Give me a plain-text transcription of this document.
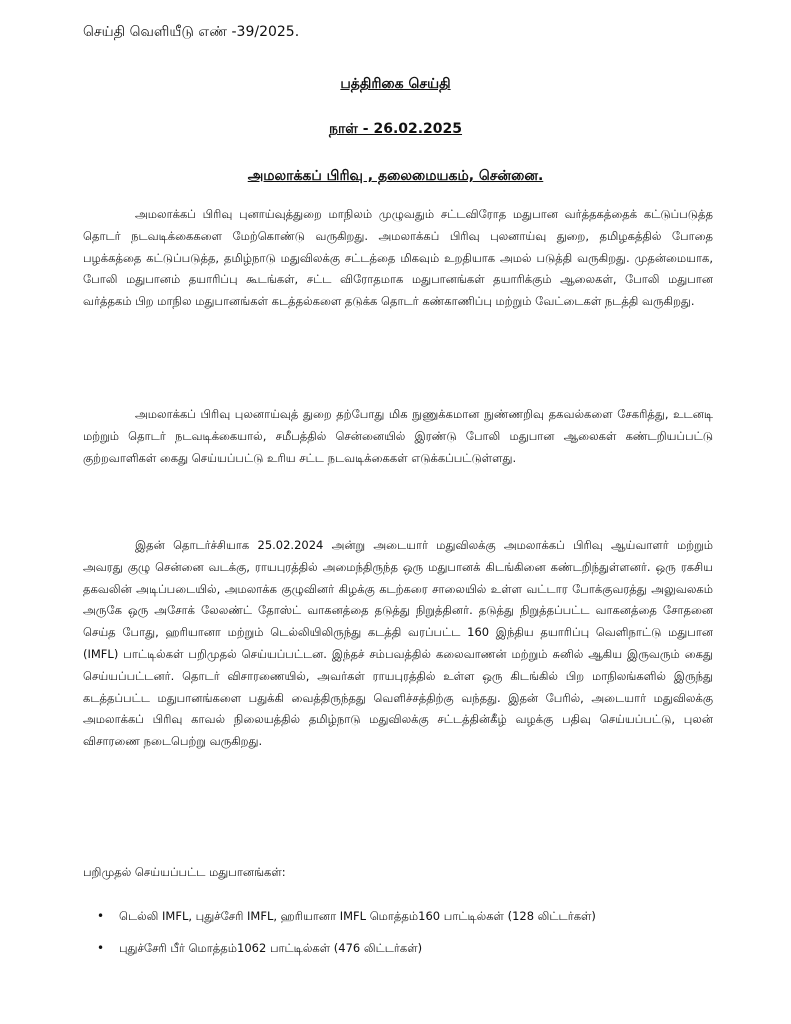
செய்தி வெளியீடு எண் -39/2025.
பத்திரிகை செய்தி
நாள் - 26.02.2025
அமலாக்கப் பிரிவு , தலைமையகம், சென்னை.

அமலாக்கப் பிரிவு புனாய்வுத்துறை மாநிலம் முழுவதும் சட்டவிரோத மதுபான வர்த்தகத்தைக் கட்டுப்படுத்த தொடர் நடவடிக்கைகளை மேற்கொண்டு வருகிறது. அமலாக்கப் பிரிவு புலனாய்வு துறை, தமிழகத்தில் போதை பழக்கத்தை கட்டுப்படுத்த, தமிழ்நாடு மதுவிலக்கு சட்டத்தை மிகவும் உறதியாக அமல் படுத்தி வருகிறது. முதன்மையாக, போலி மதுபானம் தயாரிப்பு கூடங்கள், சட்ட விரோதமாக மதுபானங்கள் தயாரிக்கும் ஆலைகள், போலி மதுபான வர்த்தகம் பிற மாநில மதுபானங்கள் கடத்தல்களை தடுக்க தொடர் கண்காணிப்பு மற்றும் வேட்டைகள் நடத்தி வருகிறது.

அமலாக்கப் பிரிவு புலனாய்வுத் துறை தற்போது மிக நுணுக்கமான நுண்ணறிவு தகவல்களை சேகரித்து, உடனடி மற்றும் தொடர் நடவடிக்கையால், சமீபத்தில் சென்னையில் இரண்டு போலி மதுபான ஆலைகள் கண்டறியப்பட்டு குற்றவாளிகள் கைது செய்யப்பட்டு உரிய சட்ட நடவடிக்கைகள் எடுக்கப்பட்டுள்ளது.

இதன் தொடர்ச்சியாக 25.02.2024 அன்று அடையார் மதுவிலக்கு அமலாக்கப் பிரிவு ஆய்வாளர் மற்றும் அவரது குழு சென்னை வடக்கு, ராயபுரத்தில் அமைந்திருந்த ஒரு மதுபானக் கிடங்கினை கண்டறிந்துள்ளனர். ஒரு ரகசிய தகவலின் அடிப்படையில், அமலாக்க குழுவினர் கிழக்கு கடற்கரை சாலையில் உள்ள வட்டார போக்குவரத்து அலுவலகம் அருகே ஒரு அசோக் லேலண்ட் தோஸ்ட் வாகனத்தை தடுத்து நிறுத்தினர். தடுத்து நிறுத்தப்பட்ட வாகனத்தை சோதனை செய்த போது, ஹரியானா மற்றும் டெல்லியிலிருந்து கடத்தி வரப்பட்ட 160 இந்திய தயாரிப்பு வெளிநாட்டு மதுபான (IMFL) பாட்டில்கள் பறிமுதல் செய்யப்பட்டன. இந்தச் சம்பவத்தில் கலைவாணன் மற்றும் சுனில் ஆகிய இருவரும் கைது செய்யப்பட்டனர். தொடர் விசாரணையில், அவர்கள் ராயபுரத்தில் உள்ள ஒரு கிடங்கில் பிற மாநிலங்களில் இருந்து கடத்தப்பட்ட மதுபானங்களை பதுக்கி வைத்திருந்தது வெளிச்சத்திற்கு வந்தது. இதன் பேரில், அடையார் மதுவிலக்கு அமலாக்கப் பிரிவு காவல் நிலையத்தில் தமிழ்நாடு மதுவிலக்கு சட்டத்தின்கீழ் வழக்கு பதிவு செய்யப்பட்டு, புலன் விசாரணை நடைபெற்று வருகிறது.

பறிமுதல் செய்யப்பட்ட மதுபானங்கள்:
• டெல்லி IMFL, புதுச்சேரி IMFL, ஹரியானா IMFL மொத்தம்160 பாட்டில்கள் (128 லிட்டர்கள்)
• புதுச்சேரி பீர் மொத்தம்1062 பாட்டில்கள் (476 லிட்டர்கள்)
